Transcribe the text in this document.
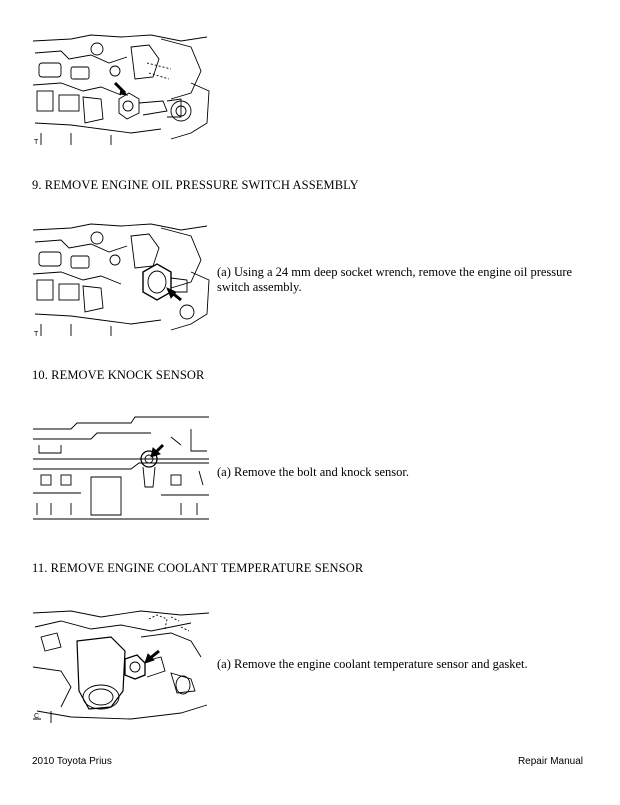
T
9. REMOVE ENGINE OIL PRESSURE SWITCH ASSEMBLY
T
(a) Using a 24 mm deep socket wrench, remove the engine oil pressure switch assembly.
10. REMOVE KNOCK SENSOR
(a) Remove the bolt and knock sensor.
11. REMOVE ENGINE COOLANT TEMPERATURE SENSOR
C
(a) Remove the engine coolant temperature sensor and gasket.
2010 Toyota Prius	Repair Manual
